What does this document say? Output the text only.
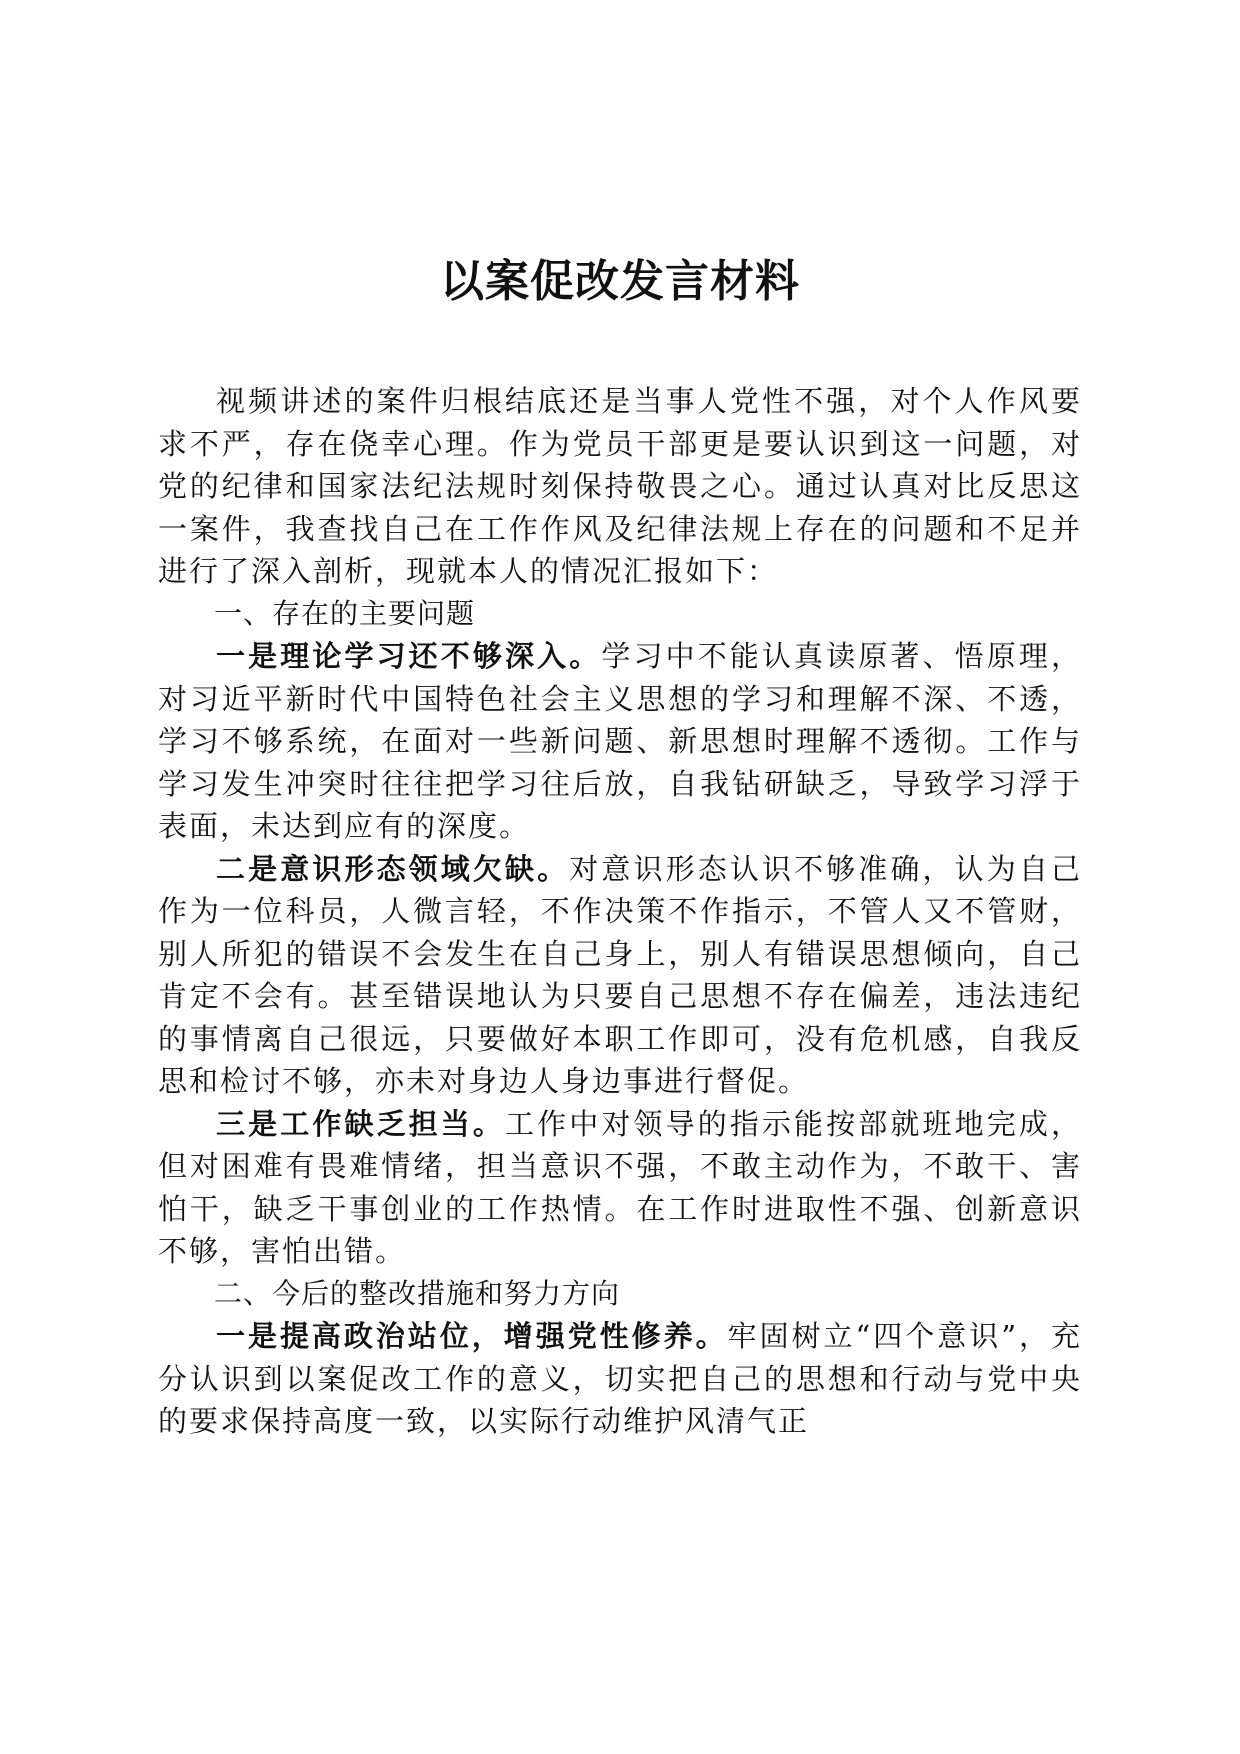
以案促改发言材料

视频讲述的案件归根结底还是当事人党性不强，对个人作风要求不严，存在侥幸心理。作为党员干部更是要认识到这一问题，对党的纪律和国家法纪法规时刻保持敬畏之心。通过认真对比反思这一案件，我查找自己在工作作风及纪律法规上存在的问题和不足并进行了深入剖析，现就本人的情况汇报如下：

一、存在的主要问题

一是理论学习还不够深入。学习中不能认真读原著、悟原理，对习近平新时代中国特色社会主义思想的学习和理解不深、不透，学习不够系统，在面对一些新问题、新思想时理解不透彻。工作与学习发生冲突时往往把学习往后放，自我钻研缺乏，导致学习浮于表面，未达到应有的深度。

二是意识形态领域欠缺。对意识形态认识不够准确，认为自己作为一位科员，人微言轻，不作决策不作指示，不管人又不管财，别人所犯的错误不会发生在自己身上，别人有错误思想倾向，自己肯定不会有。甚至错误地认为只要自己思想不存在偏差，违法违纪的事情离自己很远，只要做好本职工作即可，没有危机感，自我反思和检讨不够，亦未对身边人身边事进行督促。

三是工作缺乏担当。工作中对领导的指示能按部就班地完成，但对困难有畏难情绪，担当意识不强，不敢主动作为，不敢干、害怕干，缺乏干事创业的工作热情。在工作时进取性不强、创新意识不够，害怕出错。

二、今后的整改措施和努力方向

一是提高政治站位，增强党性修养。牢固树立“四个意识”，充分认识到以案促改工作的意义，切实把自己的思想和行动与党中央的要求保持高度一致，以实际行动维护风清气正
